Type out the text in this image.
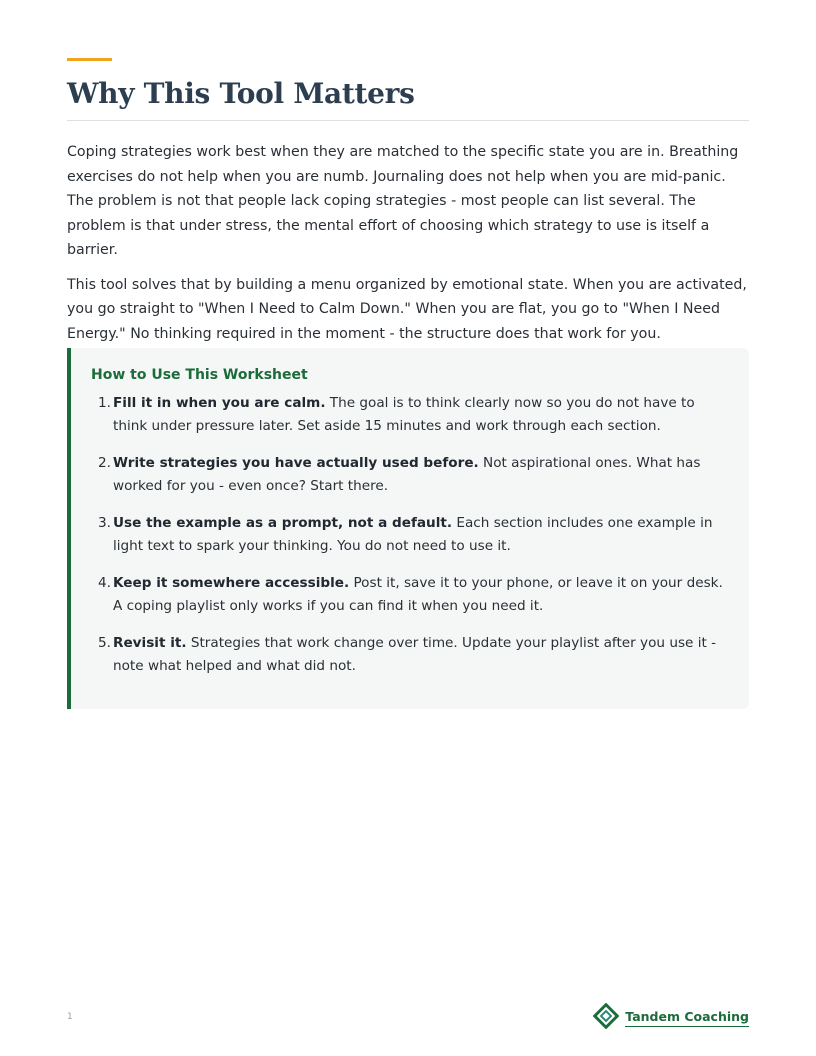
Why This Tool Matters

Coping strategies work best when they are matched to the specific state you are in. Breathing exercises do not help when you are numb. Journaling does not help when you are mid-panic. The problem is not that people lack coping strategies - most people can list several. The problem is that under stress, the mental effort of choosing which strategy to use is itself a barrier.

This tool solves that by building a menu organized by emotional state. When you are activated, you go straight to "When I Need to Calm Down." When you are flat, you go to "When I Need Energy." No thinking required in the moment - the structure does that work for you.

How to Use This Worksheet
1. Fill it in when you are calm. The goal is to think clearly now so you do not have to think under pressure later. Set aside 15 minutes and work through each section.
2. Write strategies you have actually used before. Not aspirational ones. What has worked for you - even once? Start there.
3. Use the example as a prompt, not a default. Each section includes one example in light text to spark your thinking. You do not need to use it.
4. Keep it somewhere accessible. Post it, save it to your phone, or leave it on your desk. A coping playlist only works if you can find it when you need it.
5. Revisit it. Strategies that work change over time. Update your playlist after you use it - note what helped and what did not.
1	Tandem Coaching
